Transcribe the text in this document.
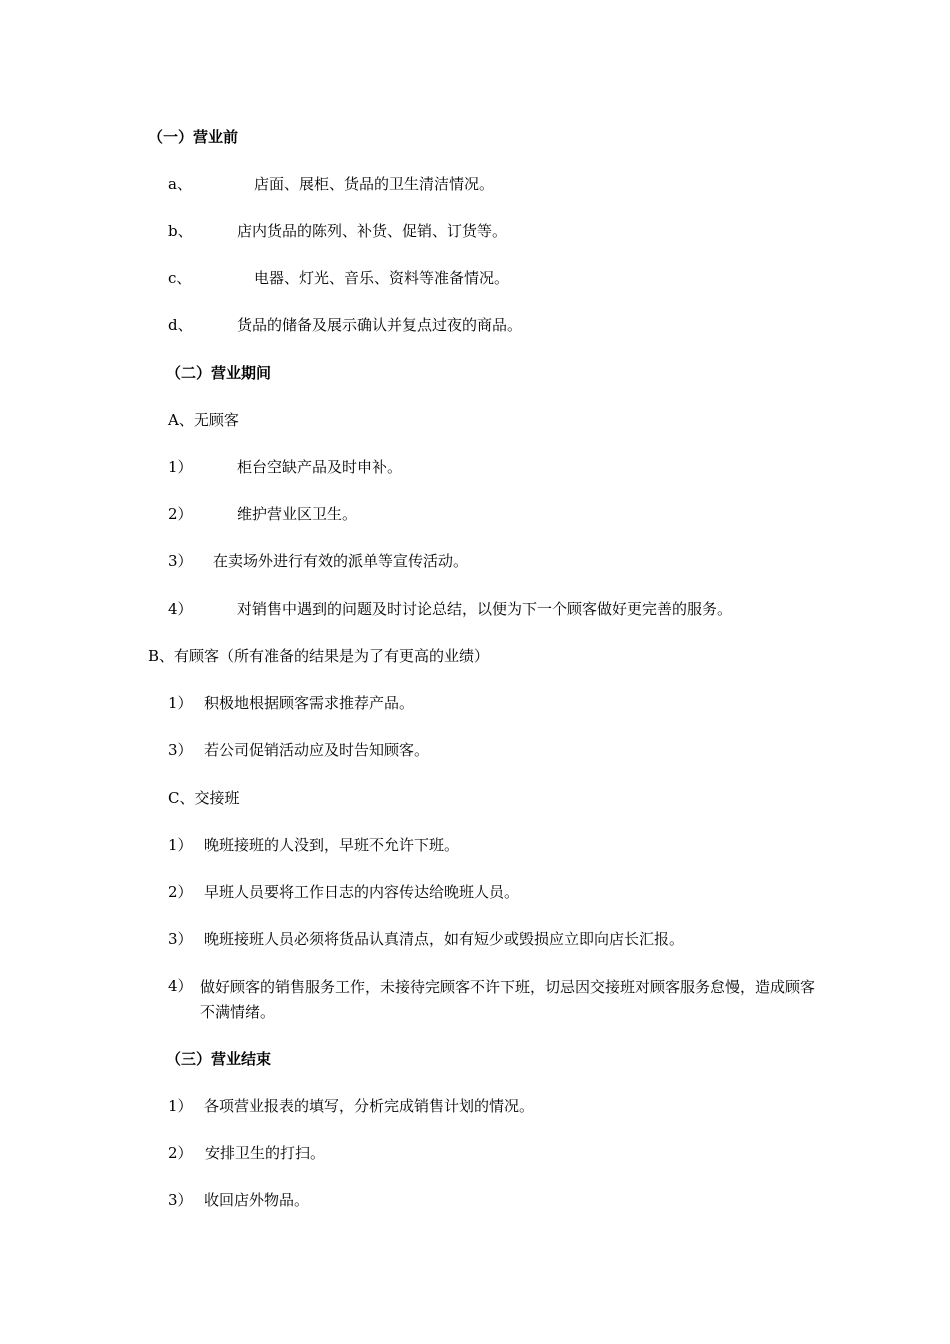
（一）营业前
a、	店面、展柜、货品的卫生清洁情况。
b、	店内货品的陈列、补货、促销、订货等。
c、	电器、灯光、音乐、资料等准备情况。
d、	货品的储备及展示确认并复点过夜的商品。
（二）营业期间
A、无顾客
1）	柜台空缺产品及时申补。
2）	维护营业区卫生。
3） 在卖场外进行有效的派单等宣传活动。
4）	对销售中遇到的问题及时讨论总结，以便为下一个顾客做好更完善的服务。
B、有顾客（所有准备的结果是为了有更高的业绩）
1） 积极地根据顾客需求推荐产品。
3） 若公司促销活动应及时告知顾客。
C、交接班
1） 晚班接班的人没到，早班不允许下班。
2） 早班人员要将工作日志的内容传达给晚班人员。
3） 晚班接班人员必须将货品认真清点，如有短少或毁损应立即向店长汇报。
4） 做好顾客的销售服务工作，未接待完顾客不许下班，切忌因交接班对顾客服务怠慢，造成顾客不满情绪。
（三）营业结束
1） 各项营业报表的填写，分析完成销售计划的情况。
2） 安排卫生的打扫。
3） 收回店外物品。
